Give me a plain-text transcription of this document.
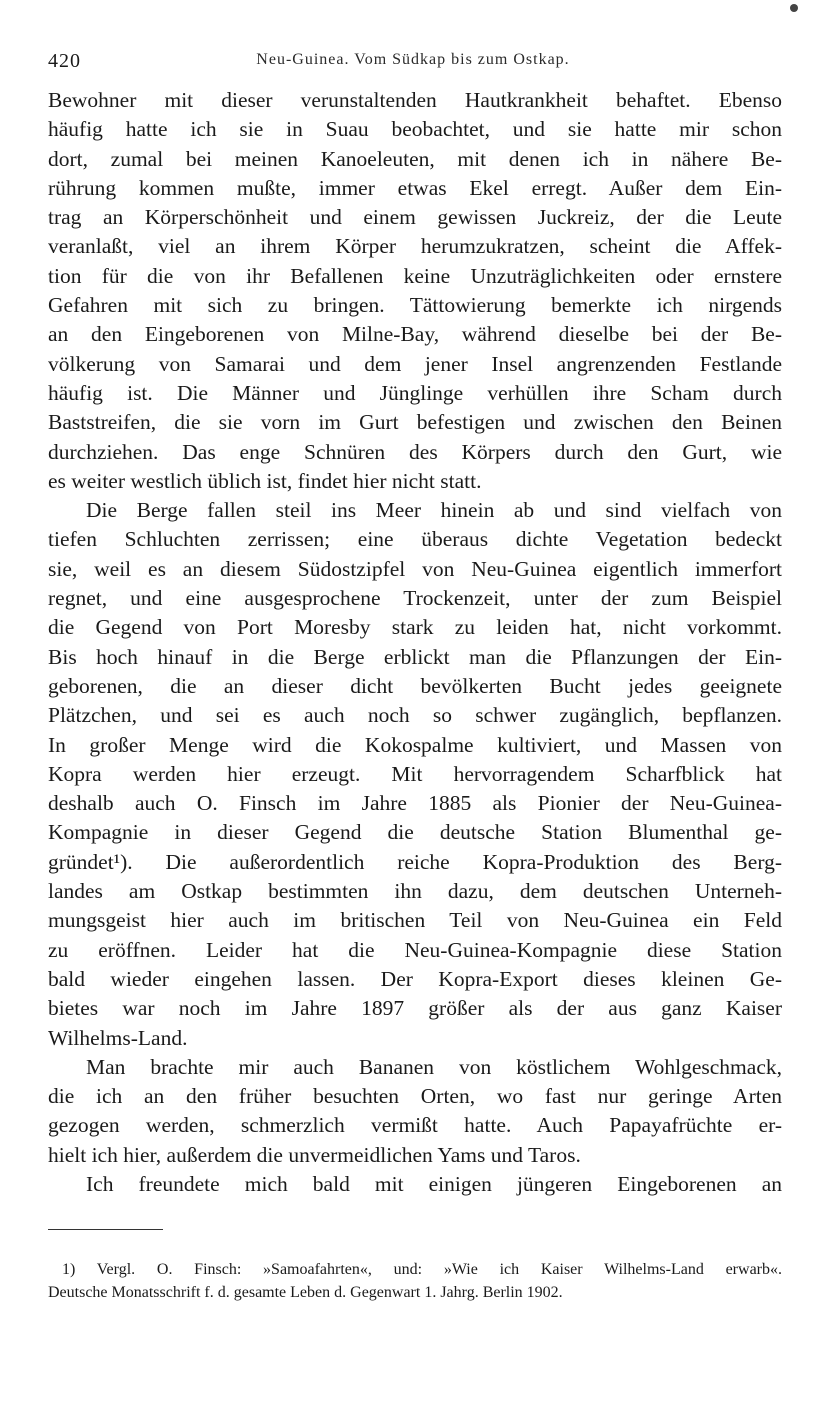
420	Neu-Guinea. Vom Südkap bis zum Ostkap.
Bewohner mit dieser verunstaltenden Hautkrankheit behaftet. Ebenso
häufig hatte ich sie in Suau beobachtet, und sie hatte mir schon
dort, zumal bei meinen Kanoeleuten, mit denen ich in nähere Be-
rührung kommen mußte, immer etwas Ekel erregt. Außer dem Ein-
trag an Körperschönheit und einem gewissen Juckreiz, der die Leute
veranlaßt, viel an ihrem Körper herumzukratzen, scheint die Affek-
tion für die von ihr Befallenen keine Unzuträglichkeiten oder ernstere
Gefahren mit sich zu bringen. Tättowierung bemerkte ich nirgends
an den Eingeborenen von Milne-Bay, während dieselbe bei der Be-
völkerung von Samarai und dem jener Insel angrenzenden Festlande
häufig ist. Die Männer und Jünglinge verhüllen ihre Scham durch
Baststreifen, die sie vorn im Gurt befestigen und zwischen den Beinen
durchziehen. Das enge Schnüren des Körpers durch den Gurt, wie
es weiter westlich üblich ist, findet hier nicht statt.
Die Berge fallen steil ins Meer hinein ab und sind vielfach von
tiefen Schluchten zerrissen; eine überaus dichte Vegetation bedeckt
sie, weil es an diesem Südostzipfel von Neu-Guinea eigentlich immerfort
regnet, und eine ausgesprochene Trockenzeit, unter der zum Beispiel
die Gegend von Port Moresby stark zu leiden hat, nicht vorkommt.
Bis hoch hinauf in die Berge erblickt man die Pflanzungen der Ein-
geborenen, die an dieser dicht bevölkerten Bucht jedes geeignete
Plätzchen, und sei es auch noch so schwer zugänglich, bepflanzen.
In großer Menge wird die Kokospalme kultiviert, und Massen von
Kopra werden hier erzeugt. Mit hervorragendem Scharfblick hat
deshalb auch O. Finsch im Jahre 1885 als Pionier der Neu-Guinea-
Kompagnie in dieser Gegend die deutsche Station Blumenthal ge-
gründet¹). Die außerordentlich reiche Kopra-Produktion des Berg-
landes am Ostkap bestimmten ihn dazu, dem deutschen Unterneh-
mungsgeist hier auch im britischen Teil von Neu-Guinea ein Feld
zu eröffnen. Leider hat die Neu-Guinea-Kompagnie diese Station
bald wieder eingehen lassen. Der Kopra-Export dieses kleinen Ge-
bietes war noch im Jahre 1897 größer als der aus ganz Kaiser
Wilhelms-Land.
Man brachte mir auch Bananen von köstlichem Wohlgeschmack,
die ich an den früher besuchten Orten, wo fast nur geringe Arten
gezogen werden, schmerzlich vermißt hatte. Auch Papayafrüchte er-
hielt ich hier, außerdem die unvermeidlichen Yams und Taros.
Ich freundete mich bald mit einigen jüngeren Eingeborenen an
1) Vergl. O. Finsch: »Samoafahrten«, und: »Wie ich Kaiser Wilhelms-Land erwarb«.
Deutsche Monatsschrift f. d. gesamte Leben d. Gegenwart 1. Jahrg. Berlin 1902.
